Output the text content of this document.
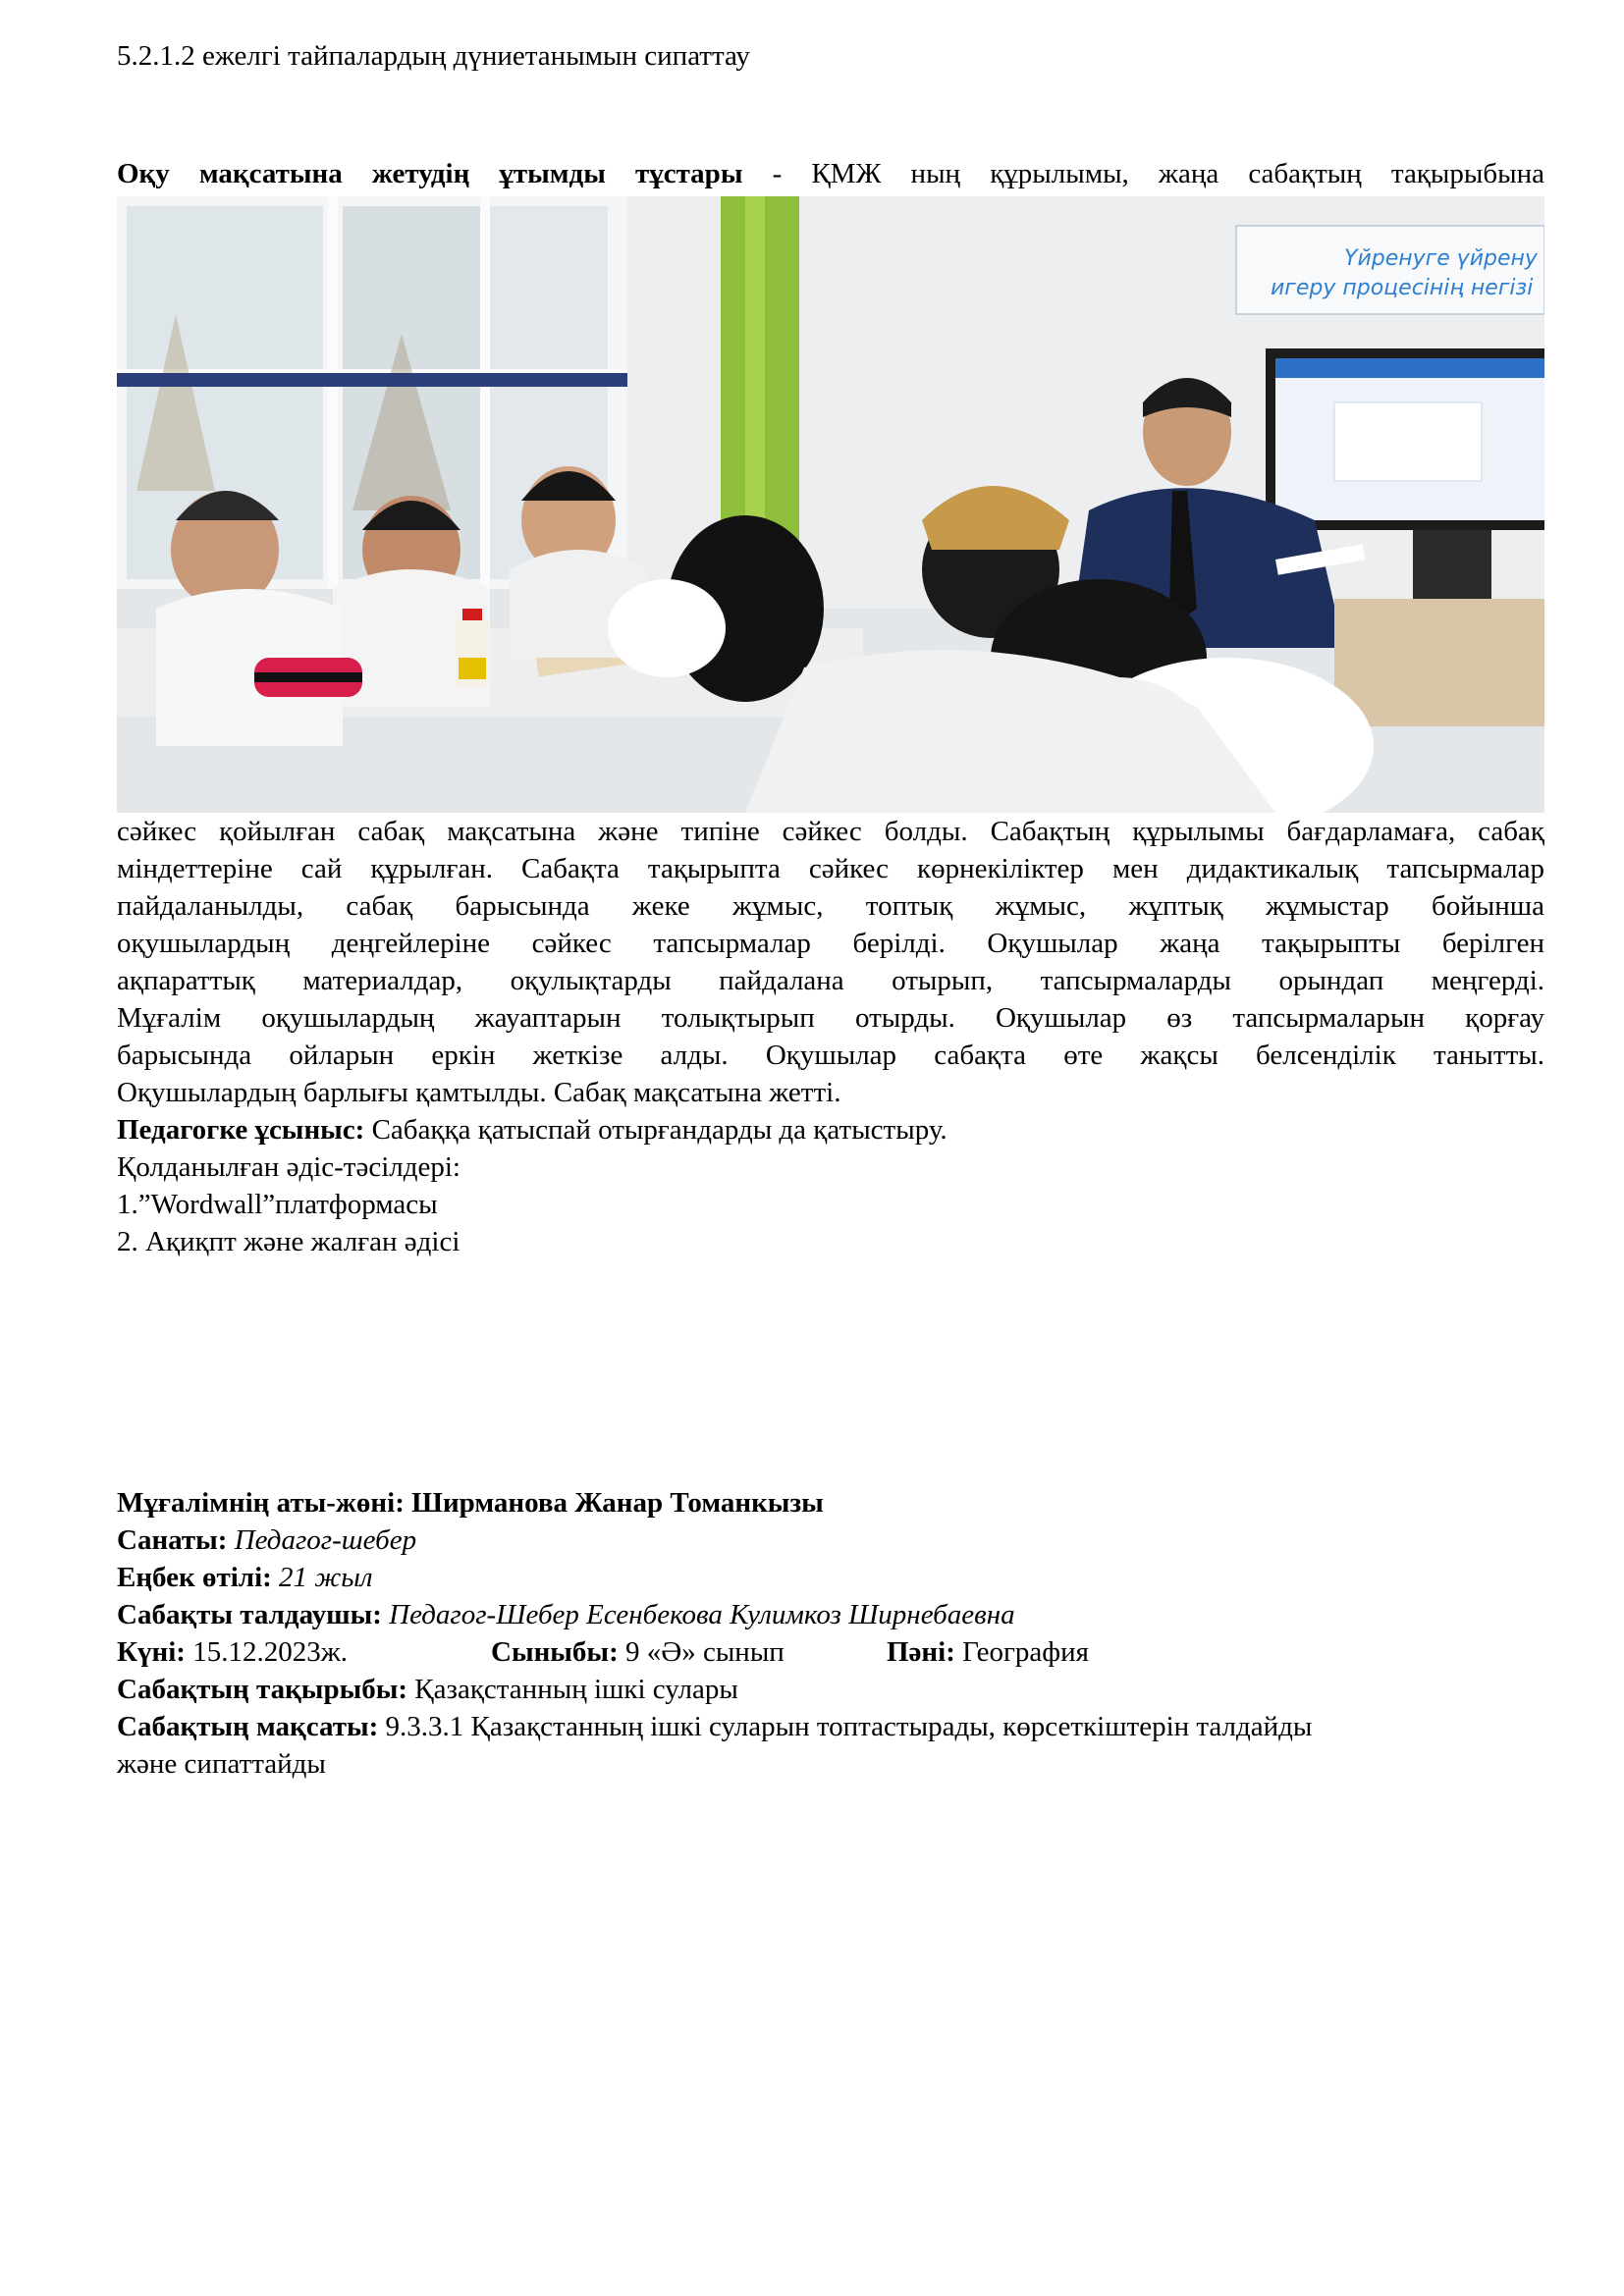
5.2.1.2 ежелгі тайпалардың дүниетанымын сипаттау
Оқу мақсатына жетудің ұтымды тұстары - ҚМЖ ның құрылымы, жаңа сабақтың тақырыбына
Үйренуге үйрену
игеру процесінің негізі
сәйкес қойылған сабақ мақсатына және типіне сәйкес болды. Сабақтың құрылымы бағдарламаға, сабақ
міндеттеріне сай құрылған. Сабақта тақырыпта сәйкес көрнекіліктер мен дидактикалық тапсырмалар
пайдаланылды, сабақ барысында жеке жұмыс, топтық жұмыс, жұптық жұмыстар бойынша
оқушылардың деңгейлеріне сәйкес тапсырмалар берілді. Оқушылар жаңа тақырыпты берілген
ақпараттық материалдар, оқулықтарды пайдалана отырып, тапсырмаларды орындап меңгерді.
Мұғалім оқушылардың жауаптарын толықтырып отырды. Оқушылар өз тапсырмаларын қорғау
барысында ойларын еркін жеткізе алды. Оқушылар сабақта өте жақсы белсенділік танытты.
Оқушылардың барлығы қамтылды. Сабақ мақсатына жетті.
Педагогке ұсыныс: Сабаққа қатыспай отырғандарды да қатыстыру.
Қолданылған әдіс-тәсілдері:
1.”Wordwall”платформасы
2. Ақиқпт және жалған әдісі
Мұғалімнің аты-жөні: Ширманова Жанар Томанкызы
Санаты: Педагог-шебер
Еңбек өтілі: 21 жыл
Сабақты талдаушы: Педагог-Шебер Есенбекова Кулимкоз Ширнебаевна
Күні: 15.12.2023ж.	Сыныбы: 9 «Ә» сынып	Пәні: География
Сабақтың тақырыбы: Қазақстанның ішкі сулары
Сабақтың мақсаты: 9.3.3.1 Қазақстанның ішкі суларын топтастырады, көрсеткіштерін талдайды
және сипаттайды
